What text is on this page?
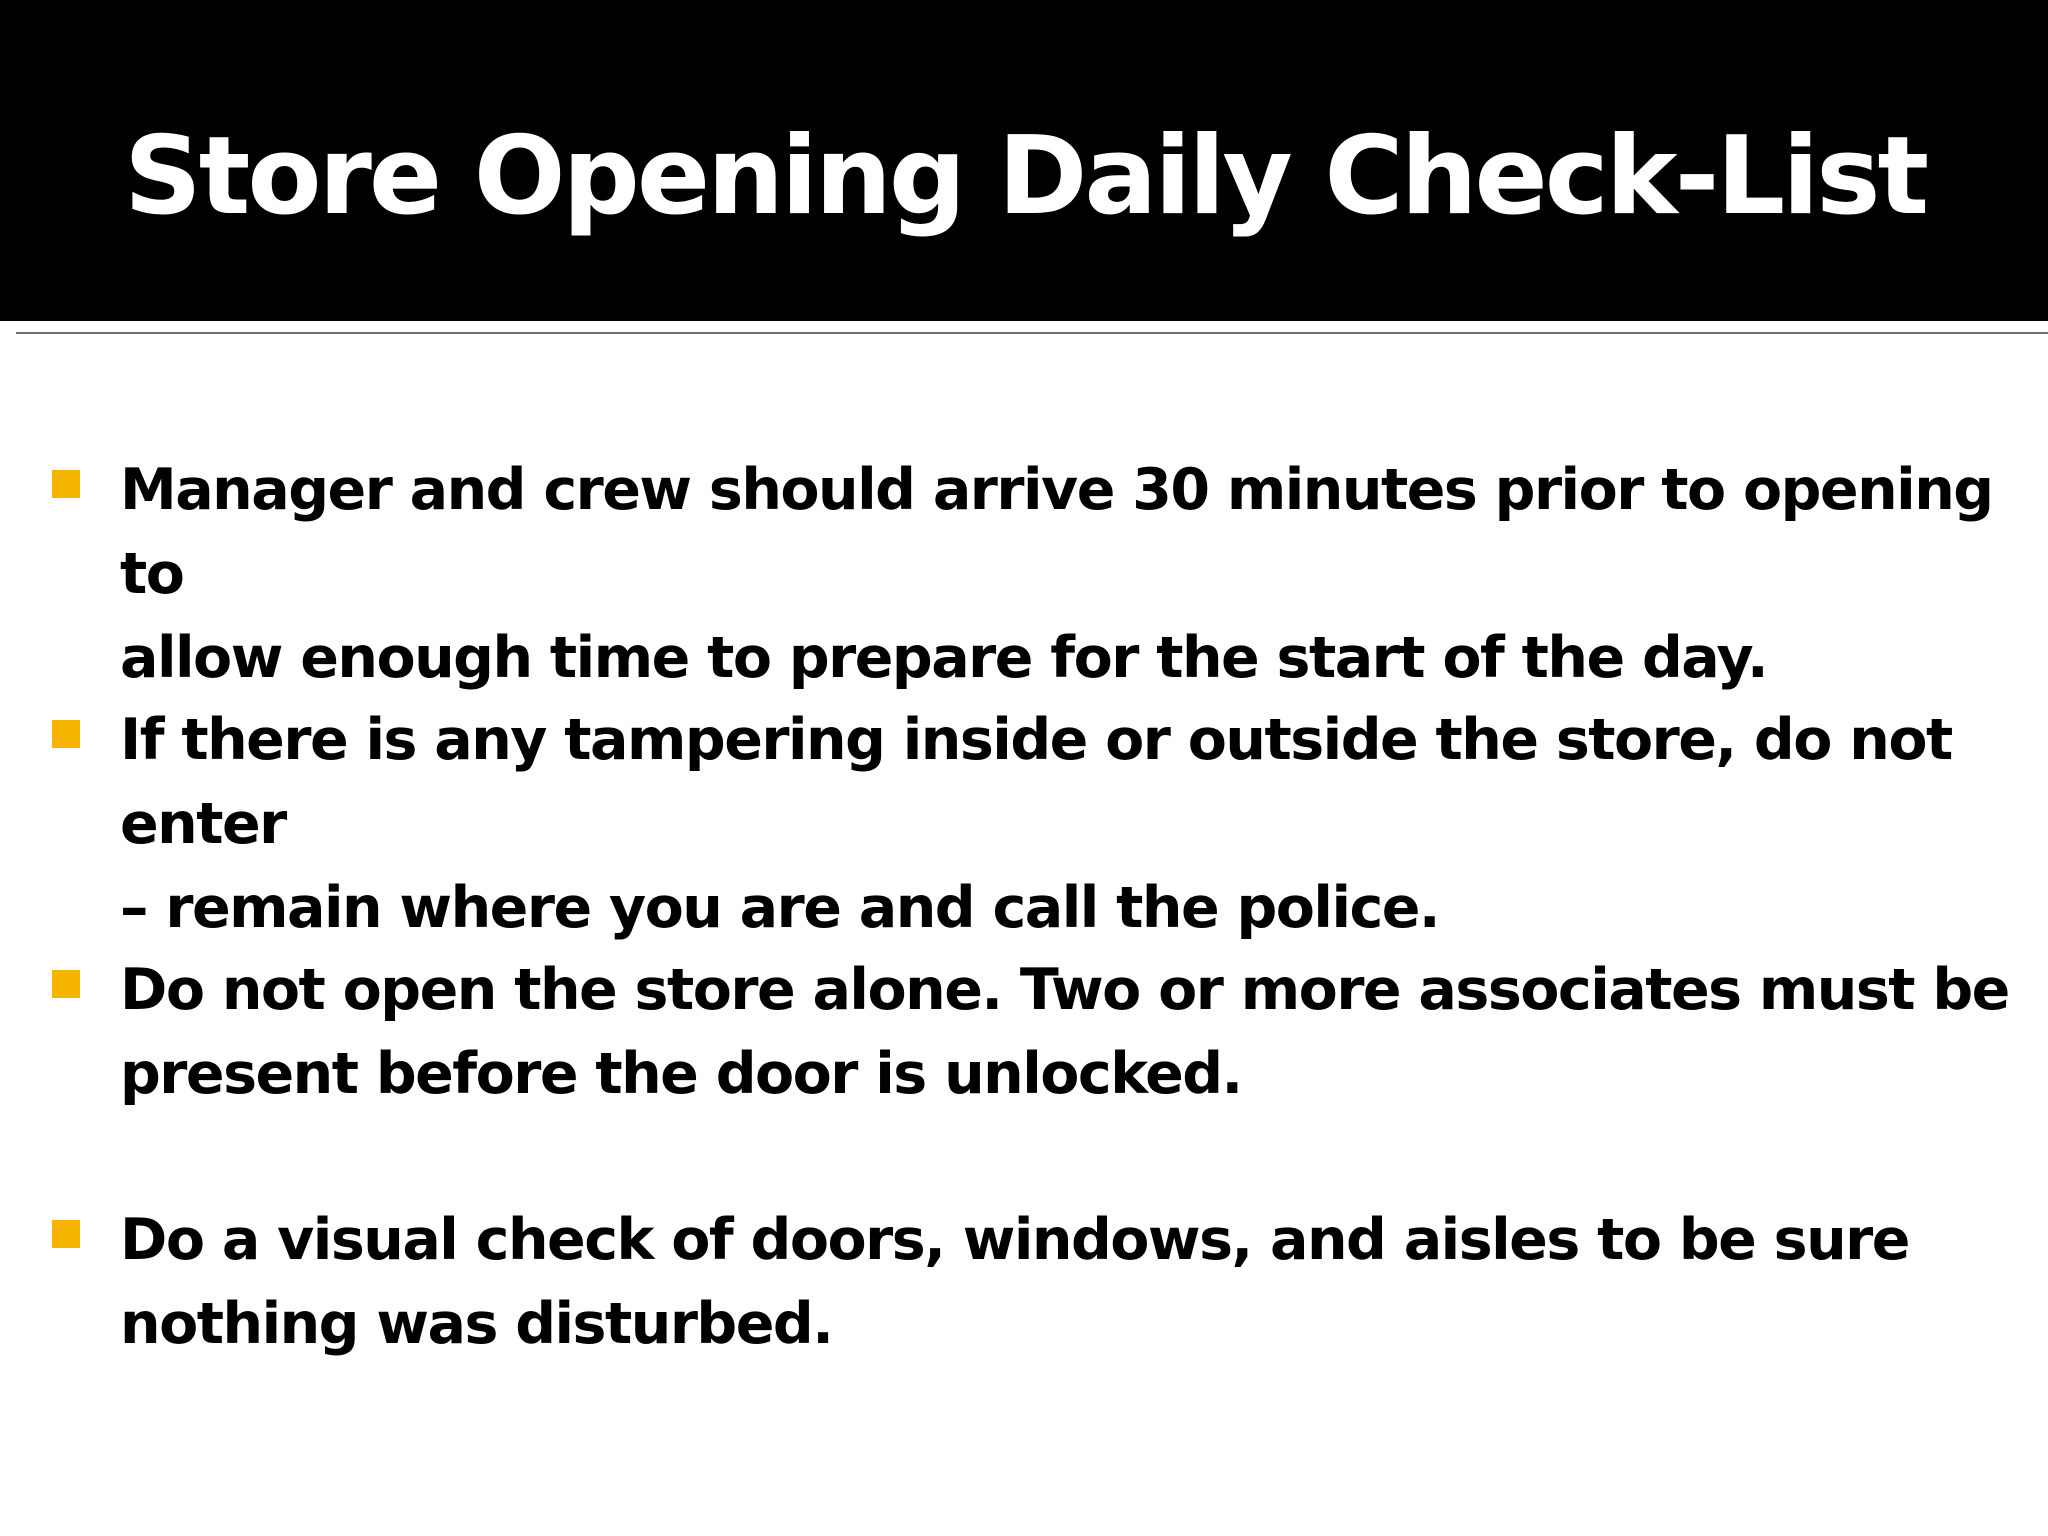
Store Opening Daily Check-List
Manager and crew should arrive 30 minutes prior to opening to
allow enough time to prepare for the start of the day.
If there is any tampering inside or outside the store, do not enter
– remain where you are and call the police.
Do not open the store alone. Two or more associates must be
present before the door is unlocked.
Do a visual check of doors, windows, and aisles to be sure
nothing was disturbed.
